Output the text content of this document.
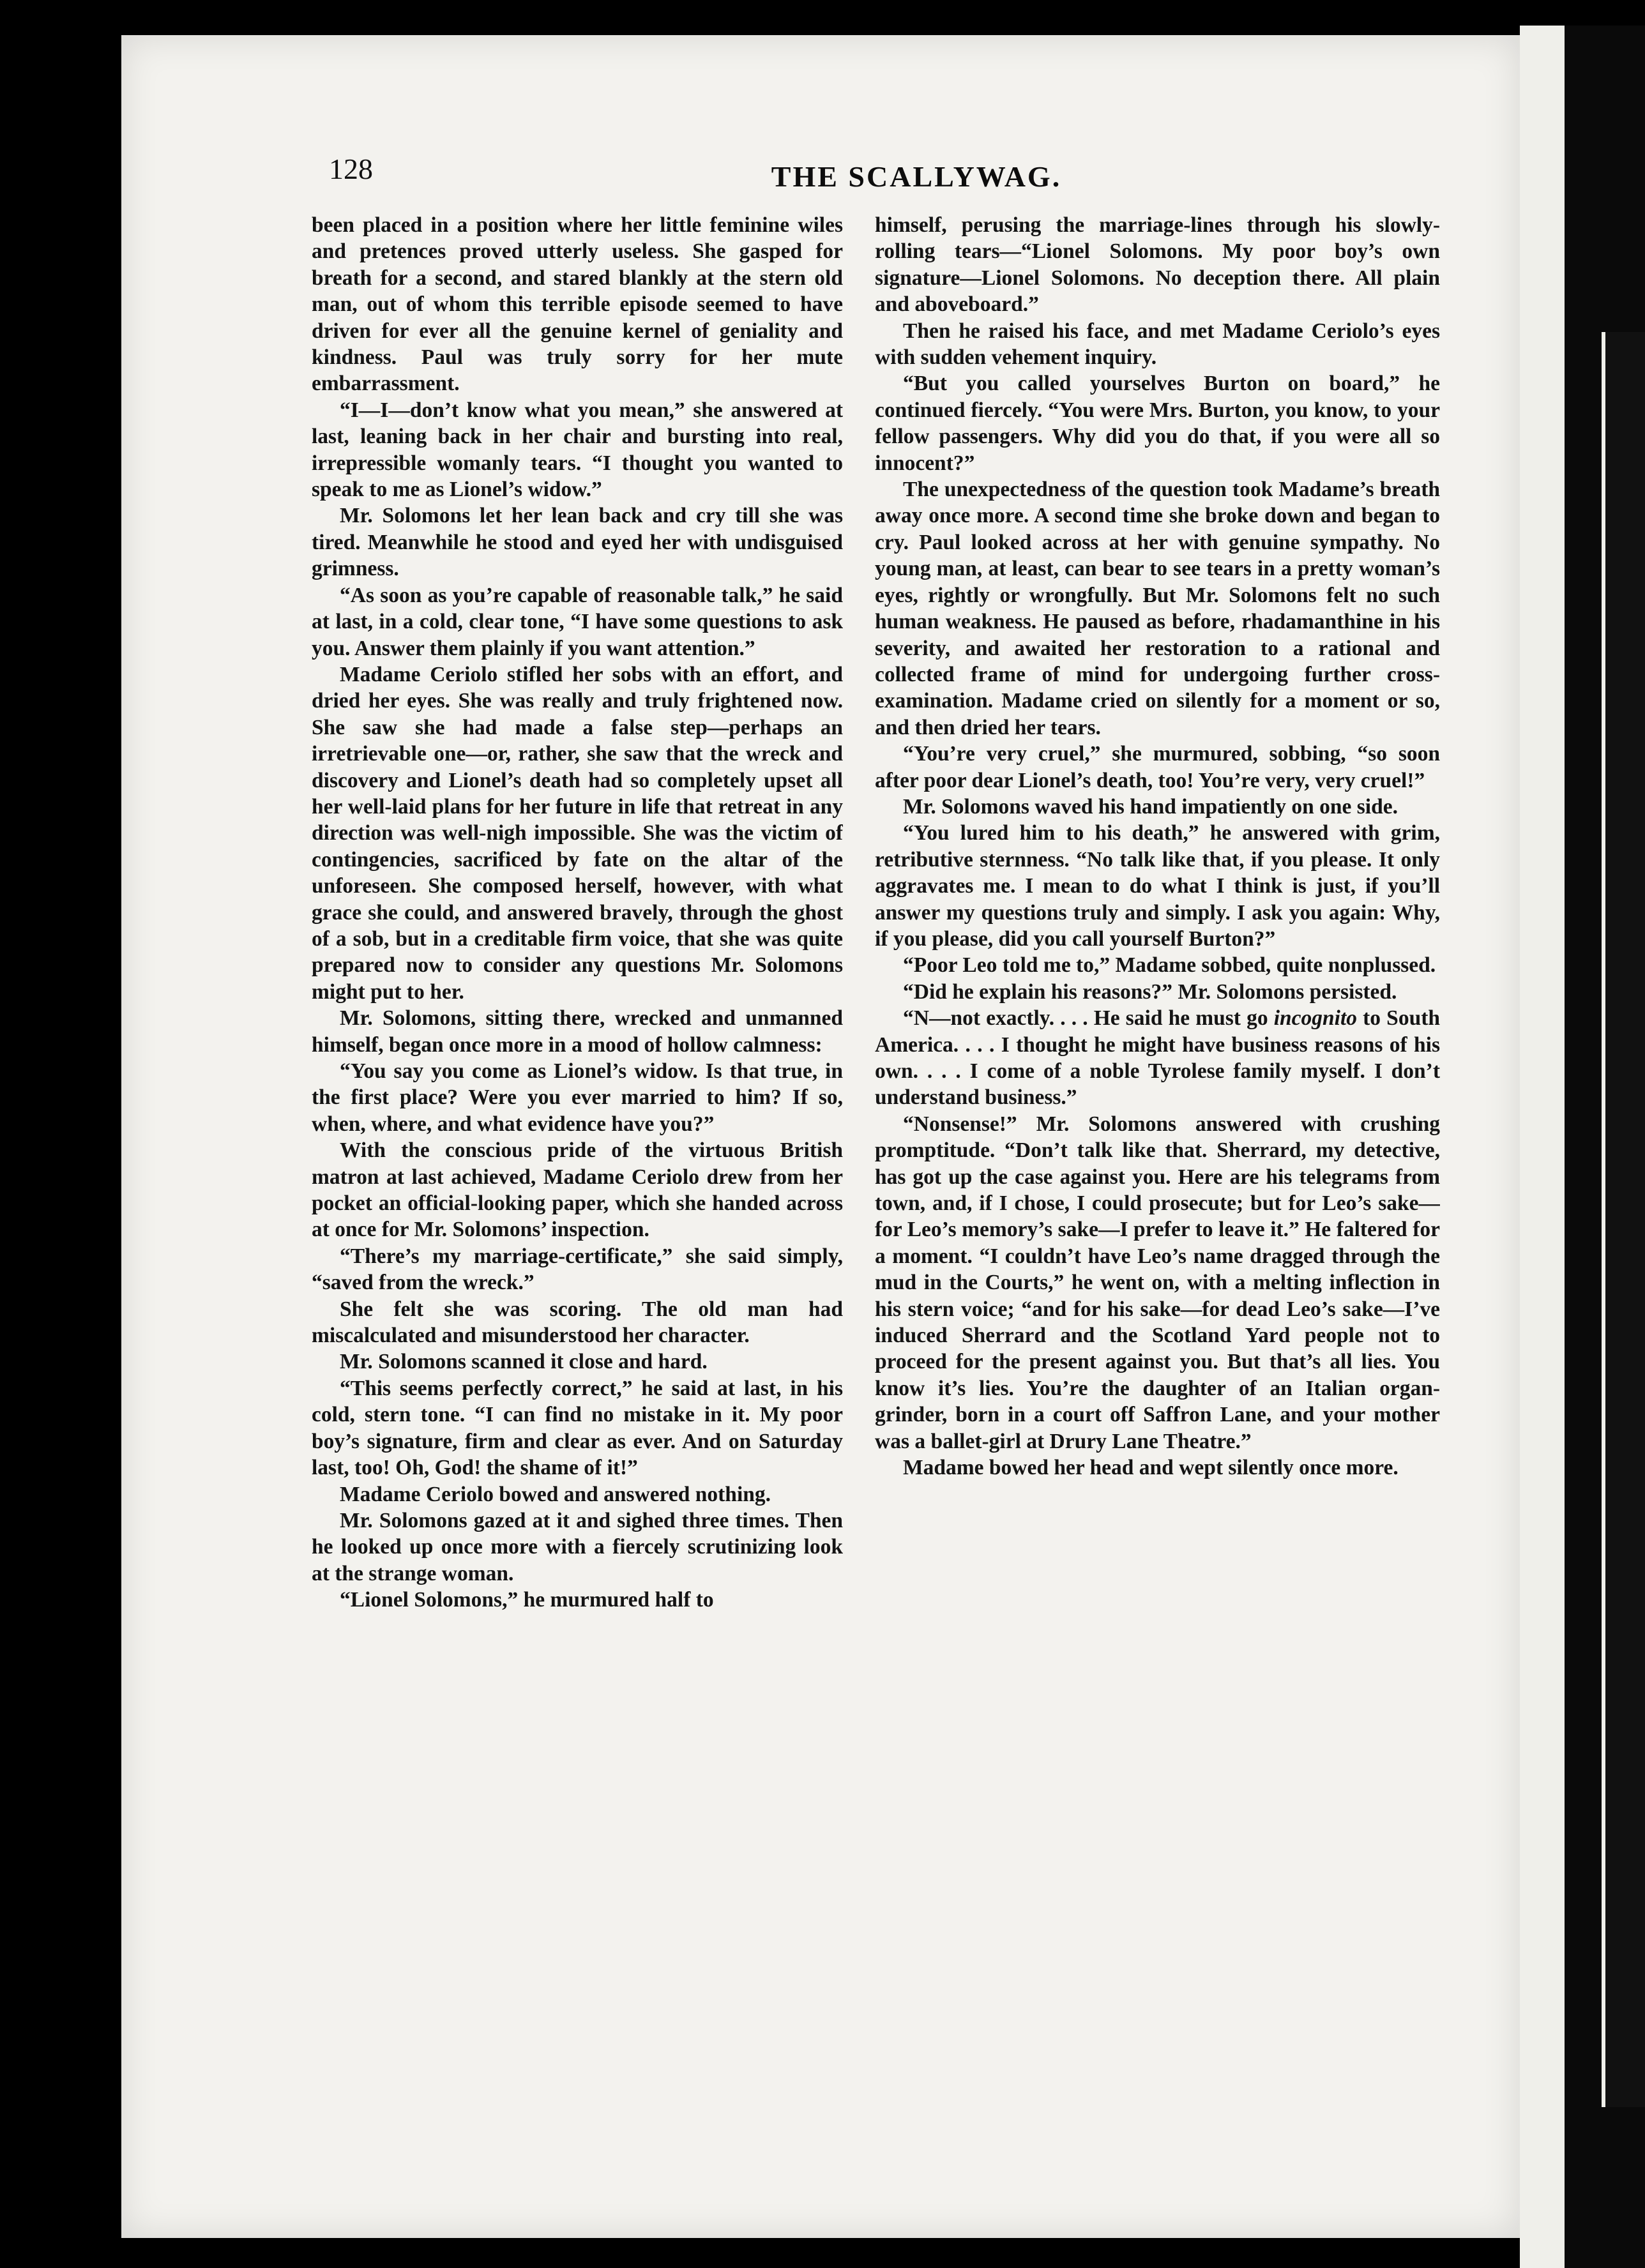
128	THE SCALLYWAG.

been placed in a position where her little feminine wiles and pretences proved utterly useless. She gasped for breath for a second, and stared blankly at the stern old man, out of whom this terrible episode seemed to have driven for ever all the genuine kernel of geniality and kindness. Paul was truly sorry for her mute embarrassment.

“I—I—don’t know what you mean,” she answered at last, leaning back in her chair and bursting into real, irrepressible womanly tears. “I thought you wanted to speak to me as Lionel’s widow.”

Mr. Solomons let her lean back and cry till she was tired. Meanwhile he stood and eyed her with undisguised grimness.

“As soon as you’re capable of reasonable talk,” he said at last, in a cold, clear tone, “I have some questions to ask you. Answer them plainly if you want attention.”

Madame Ceriolo stifled her sobs with an effort, and dried her eyes. She was really and truly frightened now. She saw she had made a false step—perhaps an irretrievable one—or, rather, she saw that the wreck and discovery and Lionel’s death had so completely upset all her well-laid plans for her future in life that retreat in any direction was well-nigh impossible. She was the victim of contingencies, sacrificed by fate on the altar of the unforeseen. She composed herself, however, with what grace she could, and answered bravely, through the ghost of a sob, but in a creditable firm voice, that she was quite prepared now to consider any questions Mr. Solomons might put to her.

Mr. Solomons, sitting there, wrecked and unmanned himself, began once more in a mood of hollow calmness:

“You say you come as Lionel’s widow. Is that true, in the first place? Were you ever married to him? If so, when, where, and what evidence have you?”

With the conscious pride of the virtuous British matron at last achieved, Madame Ceriolo drew from her pocket an official-looking paper, which she handed across at once for Mr. Solomons’ inspection.

“There’s my marriage-certificate,” she said simply, “saved from the wreck.”

She felt she was scoring. The old man had miscalculated and misunderstood her character.

Mr. Solomons scanned it close and hard.

“This seems perfectly correct,” he said at last, in his cold, stern tone. “I can find no mistake in it. My poor boy’s signature, firm and clear as ever. And on Saturday last, too! Oh, God! the shame of it!”

Madame Ceriolo bowed and answered nothing.

Mr. Solomons gazed at it and sighed three times. Then he looked up once more with a fiercely scrutinizing look at the strange woman.

“Lionel Solomons,” he murmured half to

himself, perusing the marriage-lines through his slowly-rolling tears—“Lionel Solomons. My poor boy’s own signature—Lionel Solomons. No deception there. All plain and aboveboard.”

Then he raised his face, and met Madame Ceriolo’s eyes with sudden vehement inquiry.

“But you called yourselves Burton on board,” he continued fiercely. “You were Mrs. Burton, you know, to your fellow passengers. Why did you do that, if you were all so innocent?”

The unexpectedness of the question took Madame’s breath away once more. A second time she broke down and began to cry. Paul looked across at her with genuine sympathy. No young man, at least, can bear to see tears in a pretty woman’s eyes, rightly or wrongfully. But Mr. Solomons felt no such human weakness. He paused as before, rhadamanthine in his severity, and awaited her restoration to a rational and collected frame of mind for undergoing further cross-examination. Madame cried on silently for a moment or so, and then dried her tears.

“You’re very cruel,” she murmured, sobbing, “so soon after poor dear Lionel’s death, too! You’re very, very cruel!”

Mr. Solomons waved his hand impatiently on one side.

“You lured him to his death,” he answered with grim, retributive sternness. “No talk like that, if you please. It only aggravates me. I mean to do what I think is just, if you’ll answer my questions truly and simply. I ask you again: Why, if you please, did you call yourself Burton?”

“Poor Leo told me to,” Madame sobbed, quite nonplussed.

“Did he explain his reasons?” Mr. Solomons persisted.

“N—not exactly. . . . He said he must go incognito to South America. . . . I thought he might have business reasons of his own. . . . I come of a noble Tyrolese family myself. I don’t understand business.”

“Nonsense!” Mr. Solomons answered with crushing promptitude. “Don’t talk like that. Sherrard, my detective, has got up the case against you. Here are his telegrams from town, and, if I chose, I could prosecute; but for Leo’s sake—for Leo’s memory’s sake—I prefer to leave it.” He faltered for a moment. “I couldn’t have Leo’s name dragged through the mud in the Courts,” he went on, with a melting inflection in his stern voice; “and for his sake—for dead Leo’s sake—I’ve induced Sherrard and the Scotland Yard people not to proceed for the present against you. But that’s all lies. You know it’s lies. You’re the daughter of an Italian organ-grinder, born in a court off Saffron Lane, and your mother was a ballet-girl at Drury Lane Theatre.”

Madame bowed her head and wept silently once more.
